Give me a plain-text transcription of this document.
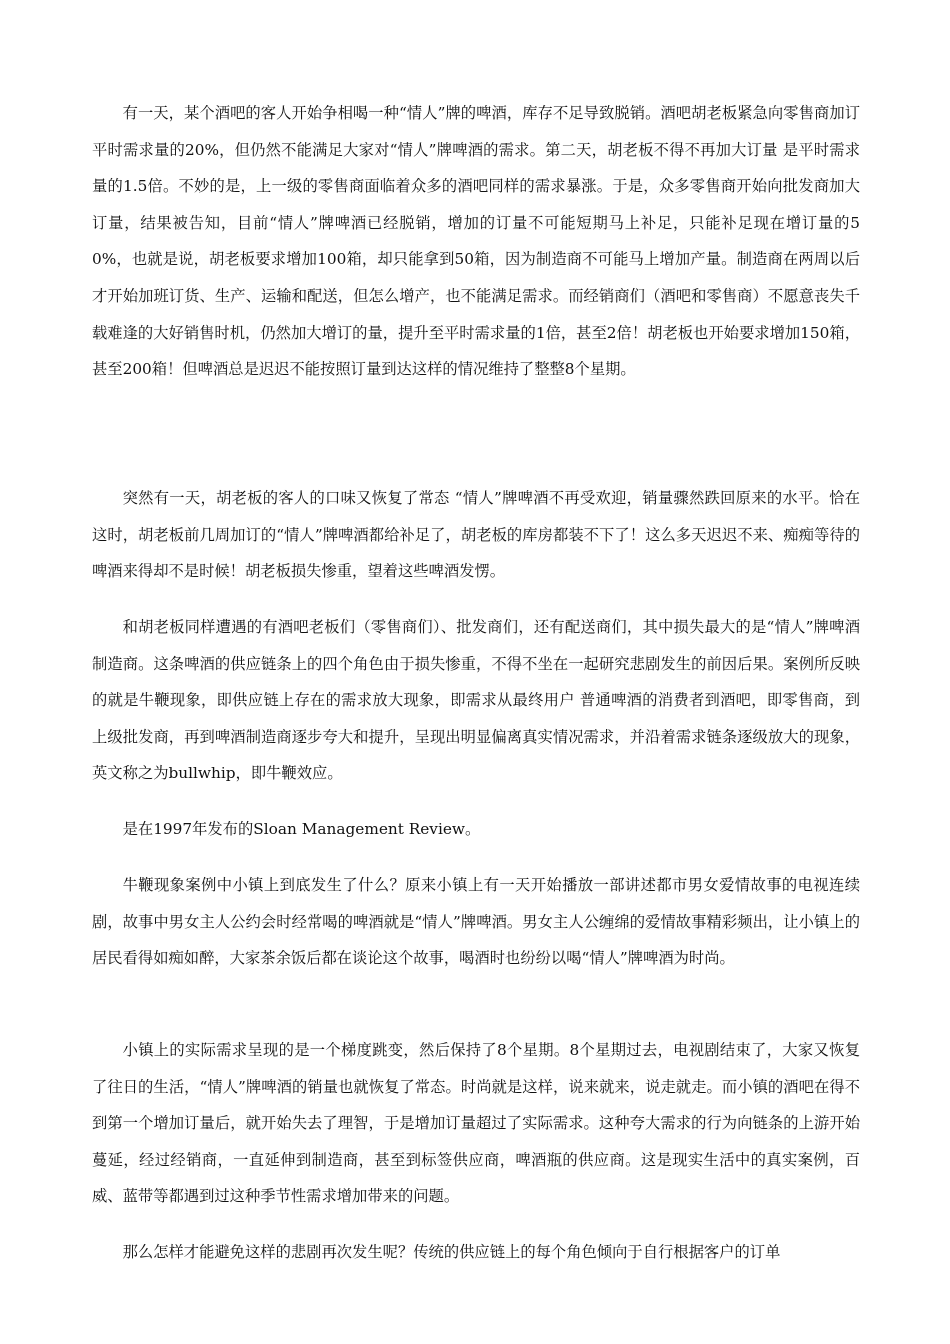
有一天，某个酒吧的客人开始争相喝一种“情人”牌的啤酒，库存不足导致脱销。酒吧胡老板紧急向零售商加订平时需求量的20%，但仍然不能满足大家对“情人”牌啤酒的需求。第二天，胡老板不得不再加大订量 是平时需求量的1.5倍。不妙的是，上一级的零售商面临着众多的酒吧同样的需求暴涨。于是，众多零售商开始向批发商加大订量，结果被告知，目前“情人”牌啤酒已经脱销，增加的订量不可能短期马上补足，只能补足现在增订量的50%，也就是说，胡老板要求增加100箱，却只能拿到50箱，因为制造商不可能马上增加产量。制造商在两周以后才开始加班订货、生产、运输和配送，但怎么增产，也不能满足需求。而经销商们（酒吧和零售商）不愿意丧失千载难逢的大好销售时机，仍然加大增订的量，提升至平时需求量的1倍，甚至2倍！胡老板也开始要求增加150箱，甚至200箱！但啤酒总是迟迟不能按照订量到达这样的情况维持了整整8个星期。

突然有一天，胡老板的客人的口味又恢复了常态 “情人”牌啤酒不再受欢迎，销量骤然跌回原来的水平。恰在这时，胡老板前几周加订的“情人”牌啤酒都给补足了，胡老板的库房都装不下了！这么多天迟迟不来、痴痴等待的啤酒来得却不是时候！胡老板损失惨重，望着这些啤酒发愣。

和胡老板同样遭遇的有酒吧老板们（零售商们）、批发商们，还有配送商们，其中损失最大的是“情人”牌啤酒制造商。这条啤酒的供应链条上的四个角色由于损失惨重，不得不坐在一起研究悲剧发生的前因后果。案例所反映的就是牛鞭现象，即供应链上存在的需求放大现象，即需求从最终用户 普通啤酒的消费者到酒吧，即零售商，到上级批发商，再到啤酒制造商逐步夸大和提升，呈现出明显偏离真实情况需求，并沿着需求链条逐级放大的现象，英文称之为bullwhip，即牛鞭效应。

是在1997年发布的Sloan Management Review。

牛鞭现象案例中小镇上到底发生了什么？原来小镇上有一天开始播放一部讲述都市男女爱情故事的电视连续剧，故事中男女主人公约会时经常喝的啤酒就是“情人”牌啤酒。男女主人公缠绵的爱情故事精彩频出，让小镇上的居民看得如痴如醉，大家茶余饭后都在谈论这个故事，喝酒时也纷纷以喝“情人”牌啤酒为时尚。

小镇上的实际需求呈现的是一个梯度跳变，然后保持了8个星期。8个星期过去，电视剧结束了，大家又恢复了往日的生活，“情人”牌啤酒的销量也就恢复了常态。时尚就是这样，说来就来，说走就走。而小镇的酒吧在得不到第一个增加订量后，就开始失去了理智，于是增加订量超过了实际需求。这种夸大需求的行为向链条的上游开始蔓延，经过经销商，一直延伸到制造商，甚至到标签供应商，啤酒瓶的供应商。这是现实生活中的真实案例，百威、蓝带等都遇到过这种季节性需求增加带来的问题。

那么怎样才能避免这样的悲剧再次发生呢？传统的供应链上的每个角色倾向于自行根据客户的订单
